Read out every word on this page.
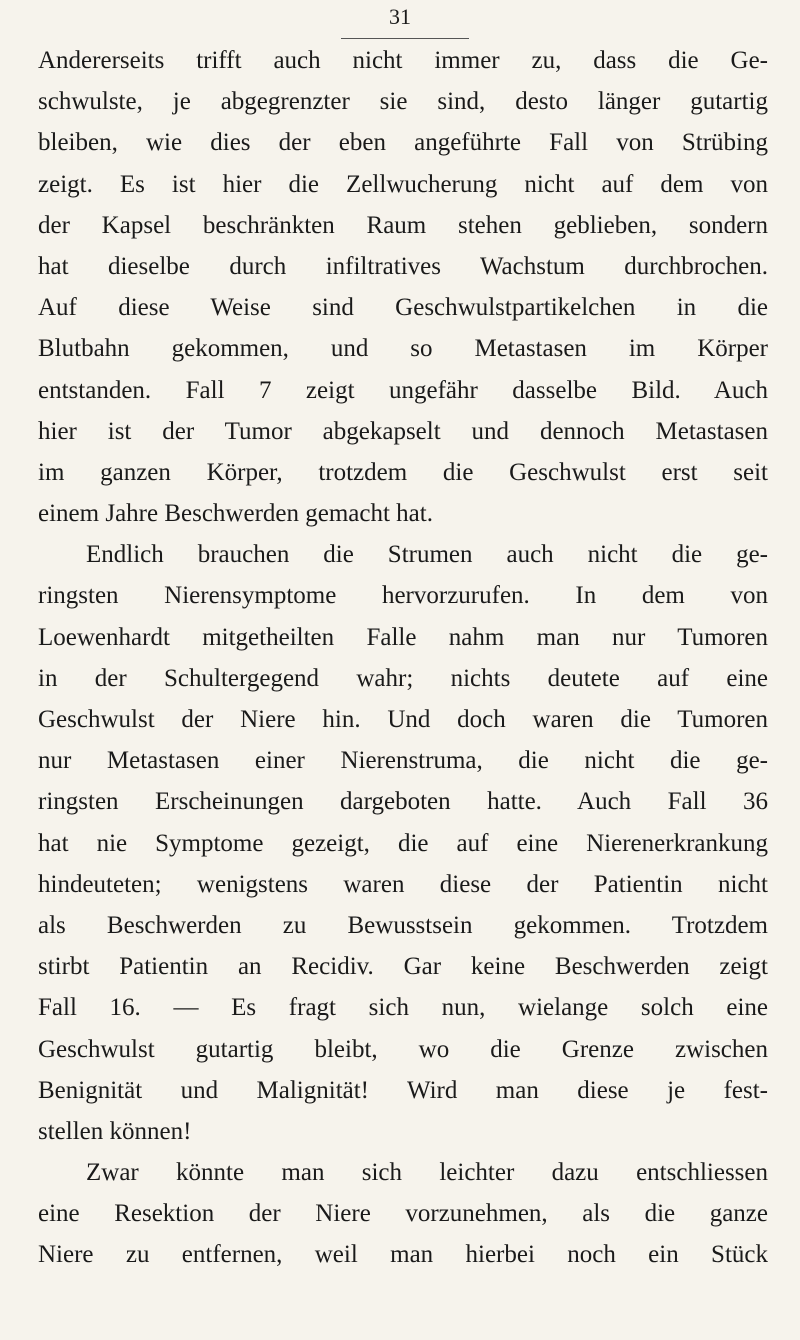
31
Andererseits trifft auch nicht immer zu, dass die Ge-
schwulste, je abgegrenzter sie sind, desto länger gutartig
bleiben, wie dies der eben angeführte Fall von Strübing
zeigt. Es ist hier die Zellwucherung nicht auf dem von
der Kapsel beschränkten Raum stehen geblieben, sondern
hat dieselbe durch infiltratives Wachstum durchbrochen.
Auf diese Weise sind Geschwulstpartikelchen in die
Blutbahn gekommen, und so Metastasen im Körper
entstanden. Fall 7 zeigt ungefähr dasselbe Bild. Auch
hier ist der Tumor abgekapselt und dennoch Metastasen
im ganzen Körper, trotzdem die Geschwulst erst seit
einem Jahre Beschwerden gemacht hat.
Endlich brauchen die Strumen auch nicht die ge-
ringsten Nierensymptome hervorzurufen. In dem von
Loewenhardt mitgetheilten Falle nahm man nur Tumoren
in der Schultergegend wahr; nichts deutete auf eine
Geschwulst der Niere hin. Und doch waren die Tumoren
nur Metastasen einer Nierenstruma, die nicht die ge-
ringsten Erscheinungen dargeboten hatte. Auch Fall 36
hat nie Symptome gezeigt, die auf eine Nierenerkrankung
hindeuteten; wenigstens waren diese der Patientin nicht
als Beschwerden zu Bewusstsein gekommen. Trotzdem
stirbt Patientin an Recidiv. Gar keine Beschwerden zeigt
Fall 16. — Es fragt sich nun, wielange solch eine
Geschwulst gutartig bleibt, wo die Grenze zwischen
Benignität und Malignität! Wird man diese je fest-
stellen können!
Zwar könnte man sich leichter dazu entschliessen
eine Resektion der Niere vorzunehmen, als die ganze
Niere zu entfernen, weil man hierbei noch ein Stück
